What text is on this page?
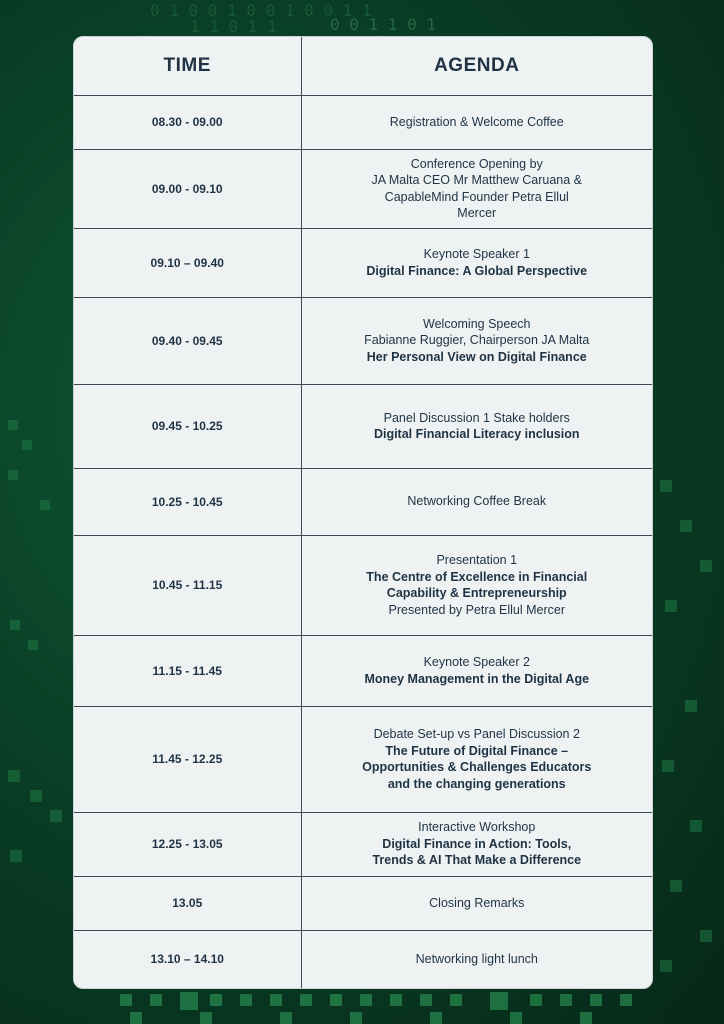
0 1 0 0 1 0 0 1 0 0 1 1
0 0 1 1 0 1
1 1 0 1 1
TIME	AGENDA
08.30 - 09.00	Registration & Welcome Coffee

09.00 - 09.10	Conference Opening by
JA Malta CEO Mr Matthew Caruana &
CapableMind Founder Petra Ellul
Mercer

09.10 – 09.40	Keynote Speaker 1
Digital Finance: A Global Perspective

09.40 - 09.45	Welcoming Speech
Fabianne Ruggier, Chairperson JA Malta
Her Personal View on Digital Finance

09.45 - 10.25	Panel Discussion 1 Stake holders
Digital Financial Literacy inclusion

10.25 - 10.45	Networking Coffee Break

10.45 - 11.15	Presentation 1
The Centre of Excellence in Financial
Capability & Entrepreneurship
Presented by Petra Ellul Mercer

11.15 - 11.45	Keynote Speaker 2
Money Management in the Digital Age

11.45 - 12.25	Debate Set-up vs Panel Discussion 2
The Future of Digital Finance –
Opportunities & Challenges Educators
and the changing generations

12.25 - 13.05	Interactive Workshop
Digital Finance in Action: Tools,
Trends & AI That Make a Difference

13.05	Closing Remarks

13.10 – 14.10	Networking light lunch
